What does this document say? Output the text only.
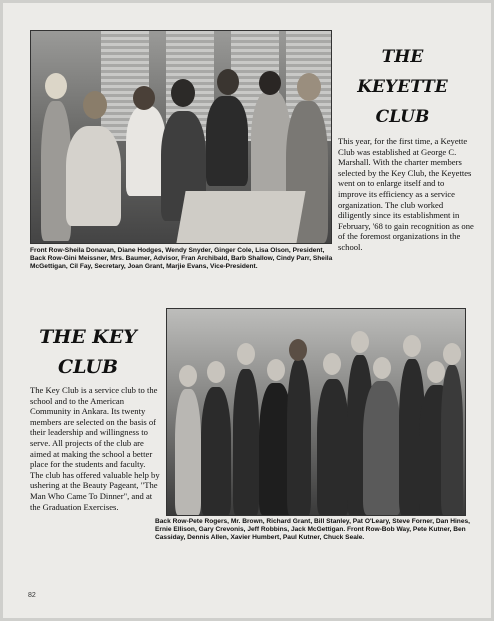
THE
KEYETTE
CLUB

This year, for the first time, a Keyette Club was established at George C. Marshall. With the charter members selected by the Key Club, the Keyettes went on to enlarge itself and to improve its efficiency as a service organization. The club worked diligently since its establishment in February, '68 to gain recognition as one of the foremost organizations in the school.

Front Row-Sheila Donavan, Diane Hodges, Wendy Snyder, Ginger Cole, Lisa Olson, President, Back Row-Gini Meissner, Mrs. Baumer, Advisor, Fran Archibald, Barb Shallow, Cindy Parr, Sheila McGettigan, Cil Fay, Secretary, Joan Grant, Marjie Evans, Vice-President.

THE KEY
CLUB

The Key Club is a service club to the school and to the American Community in Ankara. Its twenty members are selected on the basis of their leadership and willingness to serve. All projects of the club are aimed at making the school a better place for the students and faculty. The club has offered valuable help by ushering at the Beauty Pageant, "The Man Who Came To Dinner", and at the Graduation Exercises.

Back Row-Pete Rogers, Mr. Brown, Richard Grant, Bill Stanley, Pat O'Leary, Steve Forner, Dan Hines, Ernie Ellison, Gary Crevonis, Jeff Robbins, Jack McGettigan. Front Row-Bob Way, Pete Kutner, Ben Cassiday, Dennis Allen, Xavier Humbert, Paul Kutner, Chuck Seale.

82
